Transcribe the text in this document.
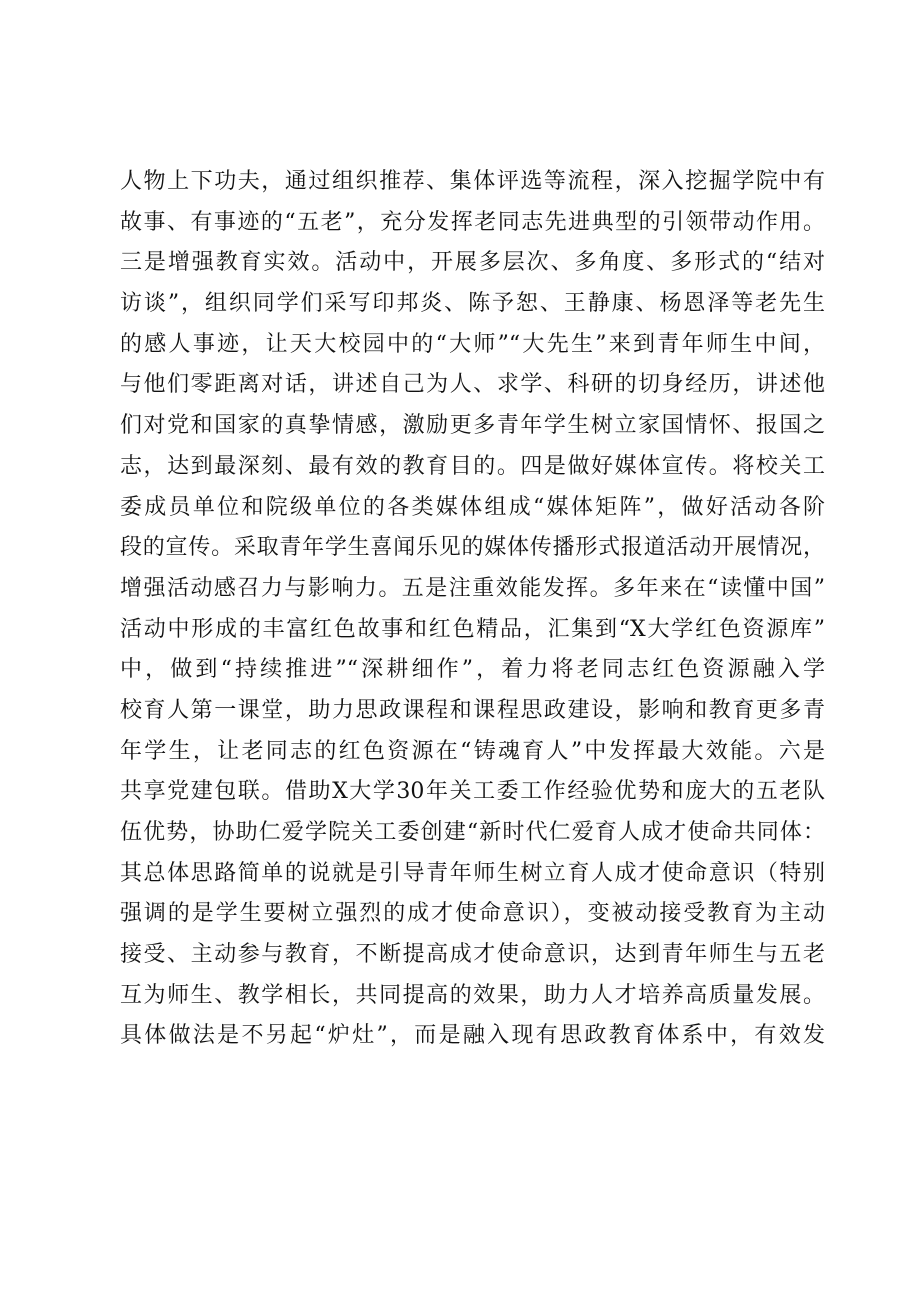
人物上下功夫，通过组织推荐、集体评选等流程，深入挖掘学院中有
故事、有事迹的“五老”，充分发挥老同志先进典型的引领带动作用。
三是增强教育实效。活动中，开展多层次、多角度、多形式的“结对
访谈”，组织同学们采写印邦炎、陈予恕、王静康、杨恩泽等老先生
的感人事迹，让天大校园中的“大师”“大先生”来到青年师生中间，
与他们零距离对话，讲述自己为人、求学、科研的切身经历，讲述他
们对党和国家的真挚情感，激励更多青年学生树立家国情怀、报国之
志，达到最深刻、最有效的教育目的。四是做好媒体宣传。将校关工
委成员单位和院级单位的各类媒体组成“媒体矩阵”，做好活动各阶
段的宣传。采取青年学生喜闻乐见的媒体传播形式报道活动开展情况，
增强活动感召力与影响力。五是注重效能发挥。多年来在“读懂中国”
活动中形成的丰富红色故事和红色精品，汇集到“X大学红色资源库”
中，做到“持续推进”“深耕细作”，着力将老同志红色资源融入学
校育人第一课堂，助力思政课程和课程思政建设，影响和教育更多青
年学生，让老同志的红色资源在“铸魂育人”中发挥最大效能。六是
共享党建包联。借助X大学30年关工委工作经验优势和庞大的五老队
伍优势，协助仁爱学院关工委创建“新时代仁爱育人成才使命共同体：
其总体思路简单的说就是引导青年师生树立育人成才使命意识（特别
强调的是学生要树立强烈的成才使命意识），变被动接受教育为主动
接受、主动参与教育，不断提高成才使命意识，达到青年师生与五老
互为师生、教学相长，共同提高的效果，助力人才培养高质量发展。
具体做法是不另起“炉灶”，而是融入现有思政教育体系中，有效发
